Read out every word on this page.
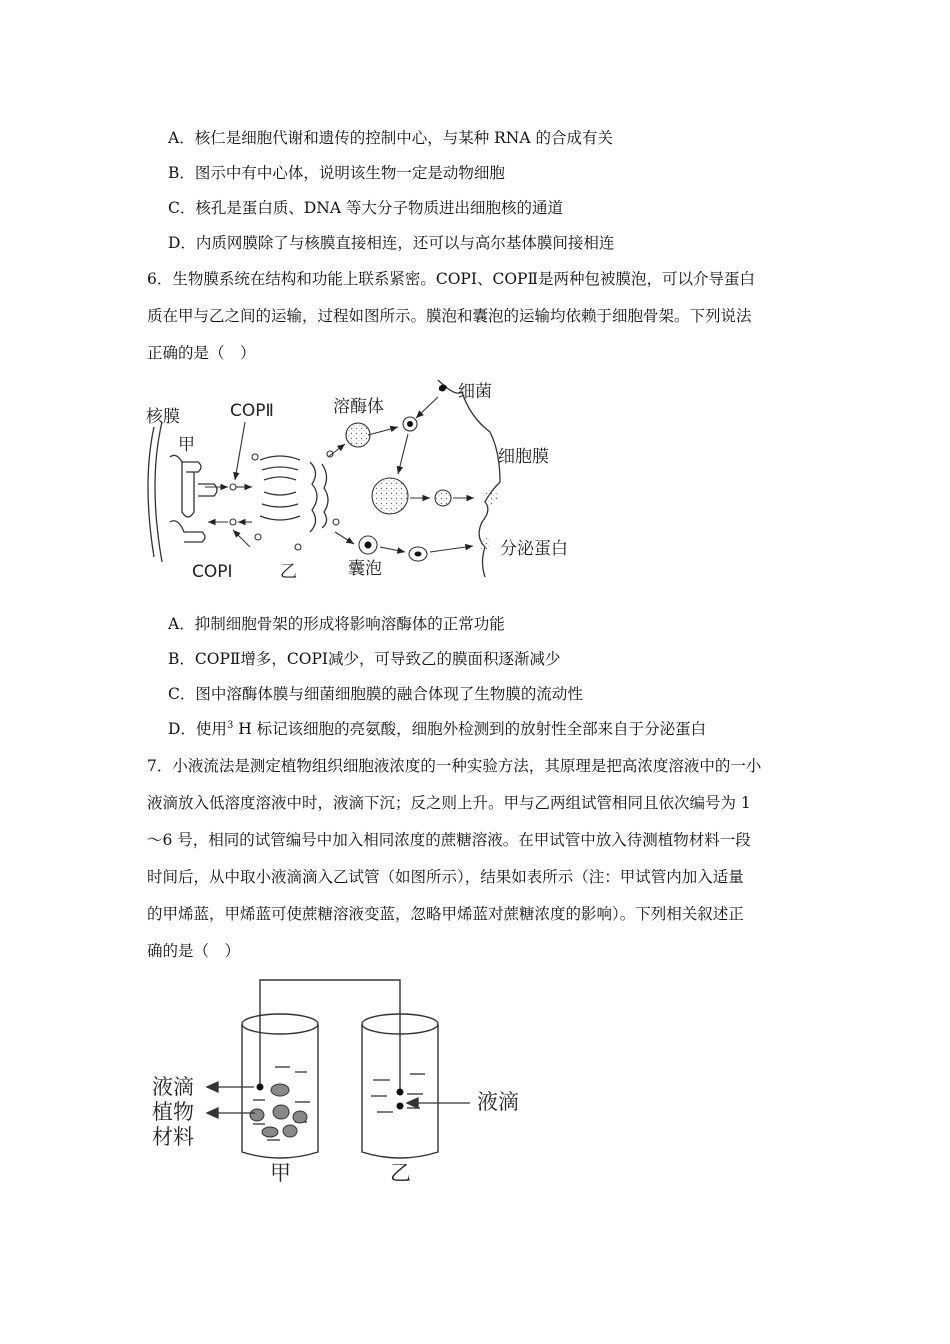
A．核仁是细胞代谢和遗传的控制中心，与某种 RNA 的合成有关
B．图示中有中心体，说明该生物一定是动物细胞
C．核孔是蛋白质、DNA 等大分子物质进出细胞核的通道
D．内质网膜除了与核膜直接相连，还可以与高尔基体膜间接相连
6．生物膜系统在结构和功能上联系紧密。COPⅠ、COPⅡ是两种包被膜泡，可以介导蛋白
质在甲与乙之间的运输，过程如图所示。膜泡和囊泡的运输均依赖于细胞骨架。下列说法
正确的是（　）
核膜
甲
COPⅡ
COPⅠ	乙
溶酶体
细菌
细胞膜
囊泡
分泌蛋白
A．抑制细胞骨架的形成将影响溶酶体的正常功能
B．COPⅡ增多，COPⅠ减少，可导致乙的膜面积逐渐减少
C．图中溶酶体膜与细菌细胞膜的融合体现了生物膜的流动性
D．使用$^3$ H 标记该细胞的亮氨酸，细胞外检测到的放射性全部来自于分泌蛋白
7．小液流法是测定植物组织细胞液浓度的一种实验方法，其原理是把高浓度溶液中的一小
液滴放入低溶度溶液中时，液滴下沉；反之则上升。甲与乙两组试管相同且依次编号为 1
～6 号，相同的试管编号中加入相同浓度的蔗糖溶液。在甲试管中放入待测植物材料一段
时间后，从中取小液滴滴入乙试管（如图所示），结果如表所示（注：甲试管内加入适量
的甲烯蓝，甲烯蓝可使蔗糖溶液变蓝，忽略甲烯蓝对蔗糖浓度的影响）。下列相关叙述正
确的是（　）
液滴
植物
材料
甲	乙
液滴
